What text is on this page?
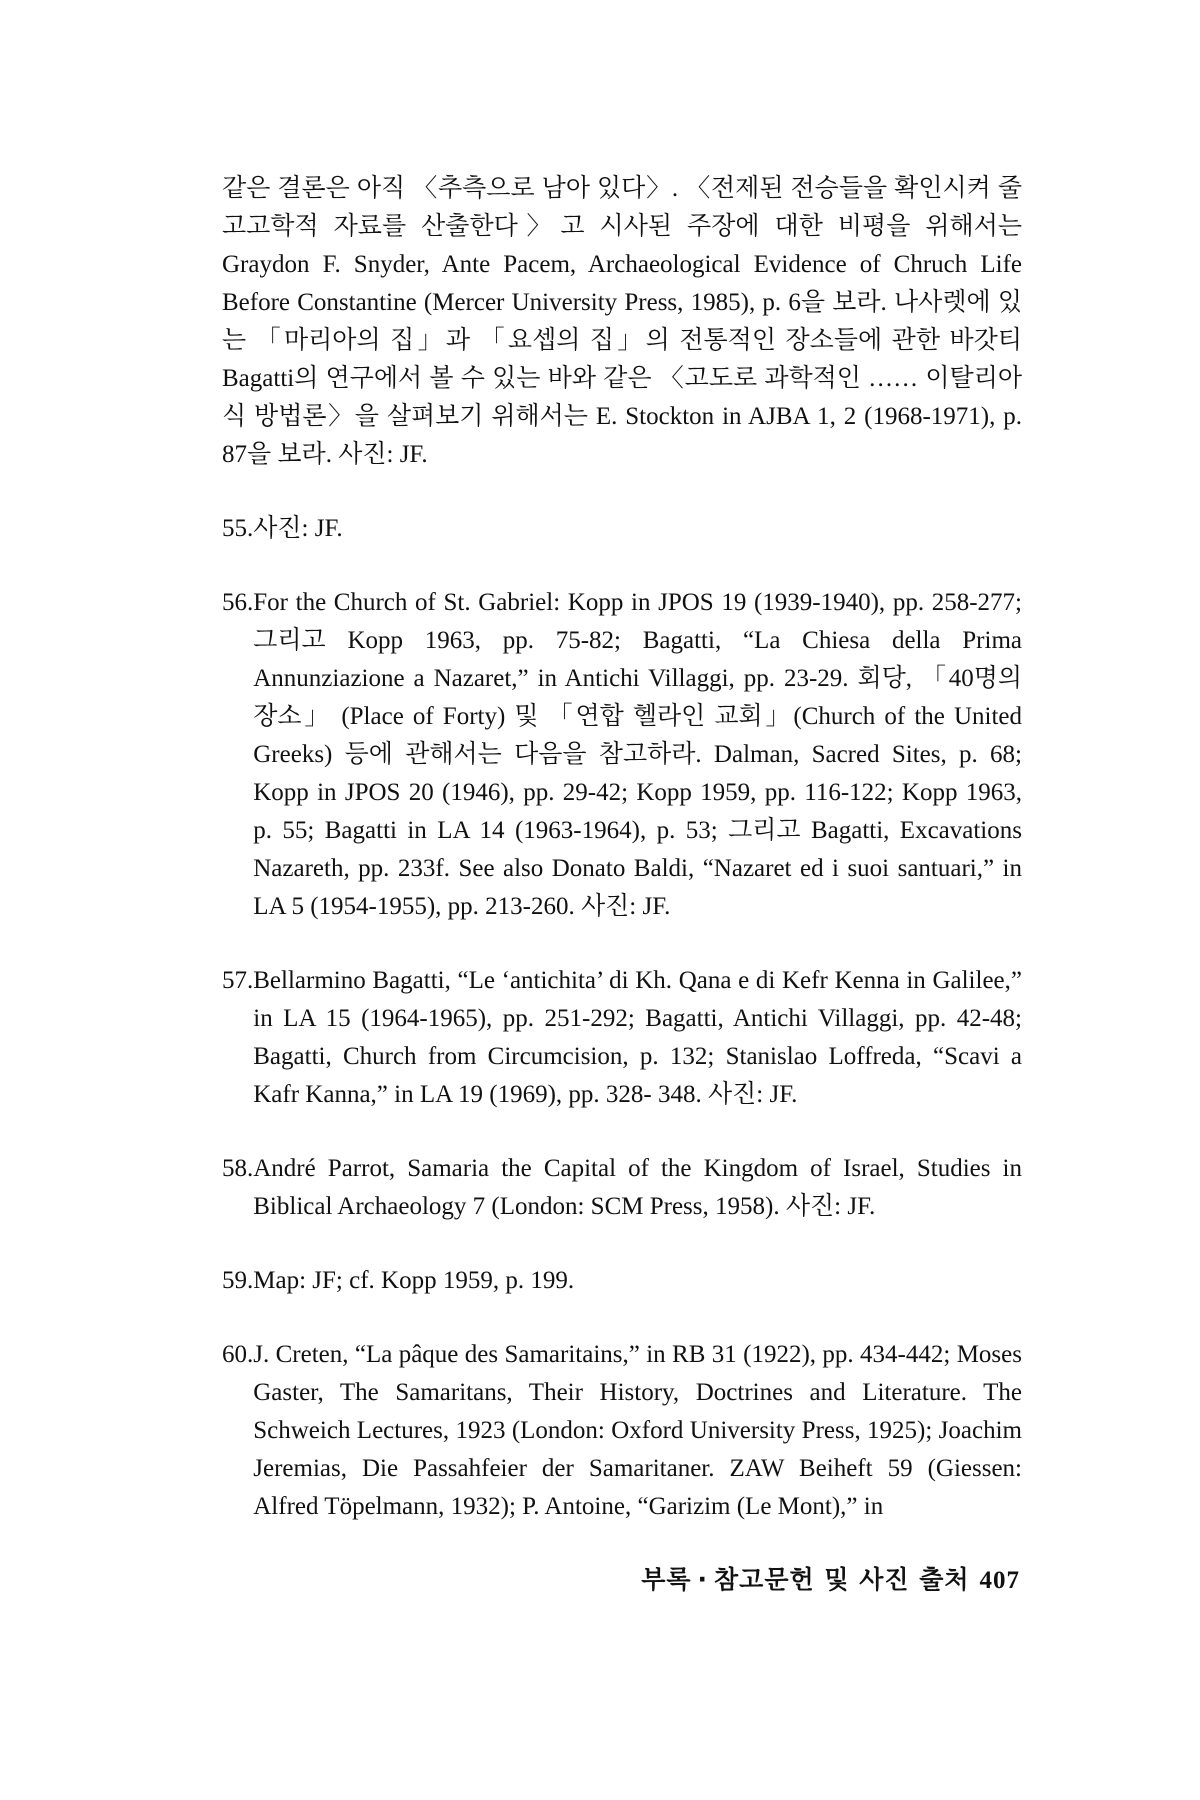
같은 결론은 아직 〈추측으로 남아 있다〉. 〈전제된 전승들을 확인시켜 줄 고고학적 자료를 산출한다〉고 시사된 주장에 대한 비평을 위해서는 Graydon F. Snyder, Ante Pacem, Archaeological Evidence of Chruch Life Before Constantine (Mercer University Press, 1985), p. 6을 보라. 나사렛에 있는 「마리아의 집」과 「요셉의 집」의 전통적인 장소들에 관한 바갓티 Bagatti의 연구에서 볼 수 있는 바와 같은 〈고도로 과학적인 …… 이탈리아식 방법론〉을 살펴보기 위해서는 E. Stockton in AJBA 1, 2 (1968-1971), p. 87을 보라. 사진: JF.

55. 사진: JF.
56. For the Church of St. Gabriel: Kopp in JPOS 19 (1939-1940), pp. 258-277; 그리고 Kopp 1963, pp. 75-82; Bagatti, “La Chiesa della Prima Annunziazione a Nazaret,” in Antichi Villaggi, pp. 23-29. 회당, 「40명의 장소」 (Place of Forty) 및 「연합 헬라인 교회」(Church of the United Greeks) 등에 관해서는 다음을 참고하라. Dalman, Sacred Sites, p. 68; Kopp in JPOS 20 (1946), pp. 29-42; Kopp 1959, pp. 116-122; Kopp 1963, p. 55; Bagatti in LA 14 (1963-1964), p. 53; 그리고 Bagatti, Excavations Nazareth, pp. 233f. See also Donato Baldi, “Nazaret ed i suoi santuari,” in LA 5 (1954-1955), pp. 213-260. 사진: JF.
57. Bellarmino Bagatti, “Le ‘antichita’ di Kh. Qana e di Kefr Kenna in Galilee,” in LA 15 (1964-1965), pp. 251-292; Bagatti, Antichi Villaggi, pp. 42-48; Bagatti, Church from Circumcision, p. 132; Stanislao Loffreda, “Scavi a Kafr Kanna,” in LA 19 (1969), pp. 328- 348. 사진: JF.
58. André Parrot, Samaria the Capital of the Kingdom of Israel, Studies in Biblical Archaeology 7 (London: SCM Press, 1958). 사진: JF.
59. Map: JF; cf. Kopp 1959, p. 199.
60. J. Creten, “La pâque des Samaritains,” in RB 31 (1922), pp. 434-442; Moses Gaster, The Samaritans, Their History, Doctrines and Literature. The Schweich Lectures, 1923 (London: Oxford University Press, 1925); Joachim Jeremias, Die Passahfeier der Samaritaner. ZAW Beiheft 59 (Giessen: Alfred Töpelmann, 1932); P. Antoine, “Garizim (Le Mont),” in
부록 · 참고문헌 및 사진 출처 407
